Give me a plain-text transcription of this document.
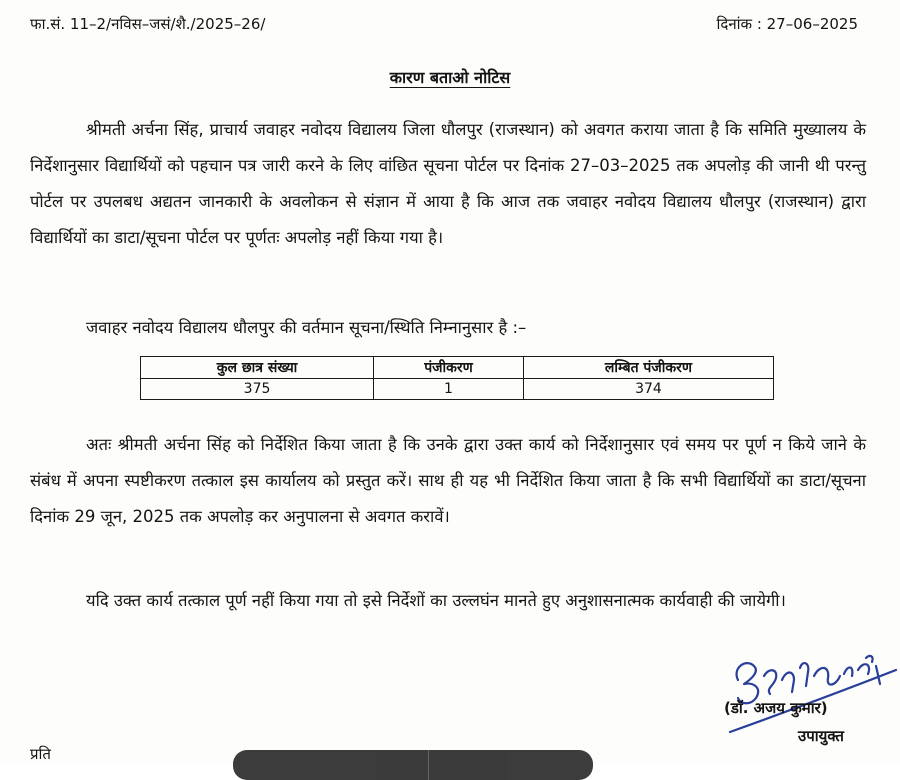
फा.सं. 11–2/नविस–जसं/शै./2025–26/	दिनांक : 27–06–2025
कारण बताओ नोटिस

श्रीमती अर्चना सिंह, प्राचार्य जवाहर नवोदय विद्यालय जिला धौलपुर (राजस्थान) को अवगत कराया जाता है कि समिति मुख्यालय के निर्देशानुसार विद्यार्थियों को पहचान पत्र जारी करने के लिए वांछित सूचना पोर्टल पर दिनांक 27–03–2025 तक अपलोड़ की जानी थी परन्तु पोर्टल पर उपलबध अद्यतन जानकारी के अवलोकन से संज्ञान में आया है कि आज तक जवाहर नवोदय विद्यालय धौलपुर (राजस्थान) द्वारा विद्यार्थियों का डाटा/सूचना पोर्टल पर पूर्णतः अपलोड़ नहीं किया गया है।

जवाहर नवोदय विद्यालय धौलपुर की वर्तमान सूचना/स्थिति निम्नानुसार है :–

कुल छात्र संख्या	पंजीकरण	लम्बित पंजीकरण
375	1	374

अतः श्रीमती अर्चना सिंह को निर्देशित किया जाता है कि उनके द्वारा उक्त कार्य को निर्देशानुसार एवं समय पर पूर्ण न किये जाने के संबंध में अपना स्पष्टीकरण तत्काल इस कार्यालय को प्रस्तुत करें। साथ ही यह भी निर्देशित किया जाता है कि सभी विद्यार्थियों का डाटा/सूचना दिनांक 29 जून, 2025 तक अपलोड़ कर अनुपालना से अवगत करावें।

यदि उक्त कार्य तत्काल पूर्ण नहीं किया गया तो इसे निर्देशों का उल्लघंन मानते हुए अनुशासनात्मक कार्यवाही की जायेगी।

(डॉ. अजय कुमार)
उपायुक्त
प्रति
